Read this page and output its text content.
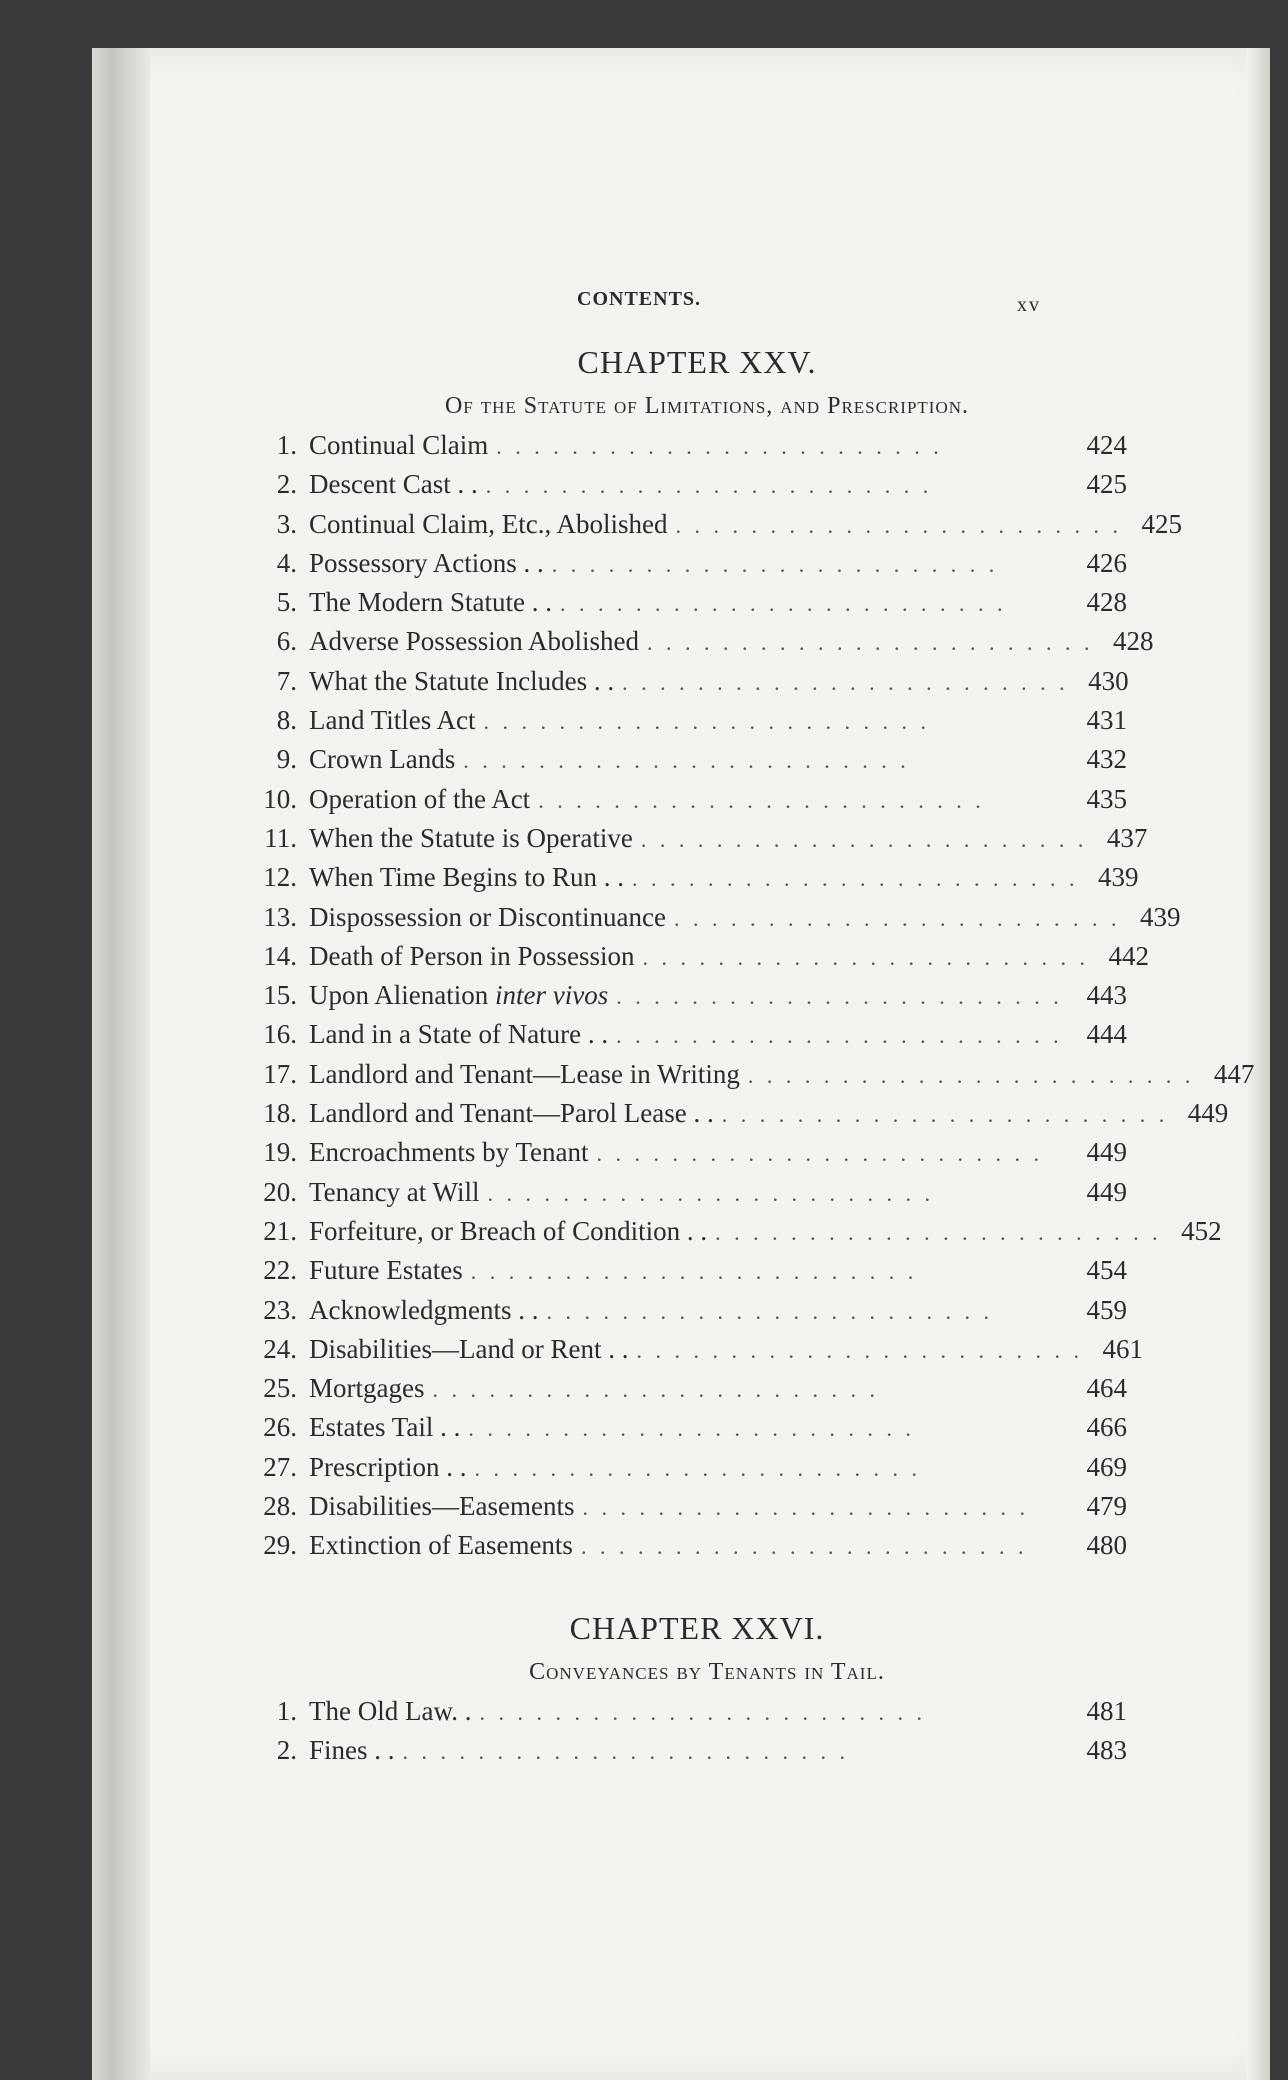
CONTENTS.	xv
CHAPTER XXV.
Of the Statute of Limitations, and Prescription.
1. Continual Claim . . . . . . . . . . . . . . . . . . . . . . . .	424
2. Descent Cast . . . . . . . . . . . . . . . . . . . . . . . . . .	425
3. Continual Claim, Etc., Abolished . . . . . . . . . . . . . . . . . . . . . . . . 425
4. Possessory Actions . . . . . . . . . . . . . . . . . . . . . . . . . .	426
5. The Modern Statute . . . . . . . . . . . . . . . . . . . . . . . . . .	428
6. Adverse Possession Abolished . . . . . . . . . . . . . . . . . . . . . . . . 428
7. What the Statute Includes . . . . . . . . . . . . . . . . . . . . . . . . . . 430
8. Land Titles Act . . . . . . . . . . . . . . . . . . . . . . . .	431
9. Crown Lands . . . . . . . . . . . . . . . . . . . . . . . .	432
10. Operation of the Act . . . . . . . . . . . . . . . . . . . . . . . .	435
11. When the Statute is Operative . . . . . . . . . . . . . . . . . . . . . . . . 437
12. When Time Begins to Run . . . . . . . . . . . . . . . . . . . . . . . . . . 439
13. Dispossession or Discontinuance . . . . . . . . . . . . . . . . . . . . . . . . 439
14. Death of Person in Possession . . . . . . . . . . . . . . . . . . . . . . . . 442
15. Upon Alienation inter vivos . . . . . . . . . . . . . . . . . . . . . . . . 443
16. Land in a State of Nature . . . . . . . . . . . . . . . . . . . . . . . . . . 444
17. Landlord and Tenant—Lease in Writing . . . . . . . . . . . . . . . . . . . . . . . . 447
18. Landlord and Tenant—Parol Lease . . . . . . . . . . . . . . . . . . . . . . . . . . 449
19. Encroachments by Tenant . . . . . . . . . . . . . . . . . . . . . . . .	449
20. Tenancy at Will . . . . . . . . . . . . . . . . . . . . . . . .	449
21. Forfeiture, or Breach of Condition . . . . . . . . . . . . . . . . . . . . . . . . . . 452
22. Future Estates . . . . . . . . . . . . . . . . . . . . . . . .	454
23. Acknowledgments . . . . . . . . . . . . . . . . . . . . . . . . . .	459
24. Disabilities—Land or Rent . . . . . . . . . . . . . . . . . . . . . . . . . . 461
25. Mortgages . . . . . . . . . . . . . . . . . . . . . . . .	464
26. Estates Tail . . . . . . . . . . . . . . . . . . . . . . . . . .	466
27. Prescription . . . . . . . . . . . . . . . . . . . . . . . . . .	469
28. Disabilities—Easements . . . . . . . . . . . . . . . . . . . . . . . .	479
29. Extinction of Easements . . . . . . . . . . . . . . . . . . . . . . . .	480
CHAPTER XXVI.
Conveyances by Tenants in Tail.
1. The Old Law. . . . . . . . . . . . . . . . . . . . . . . . . .	481
2. Fines . . . . . . . . . . . . . . . . . . . . . . . . . .	483
